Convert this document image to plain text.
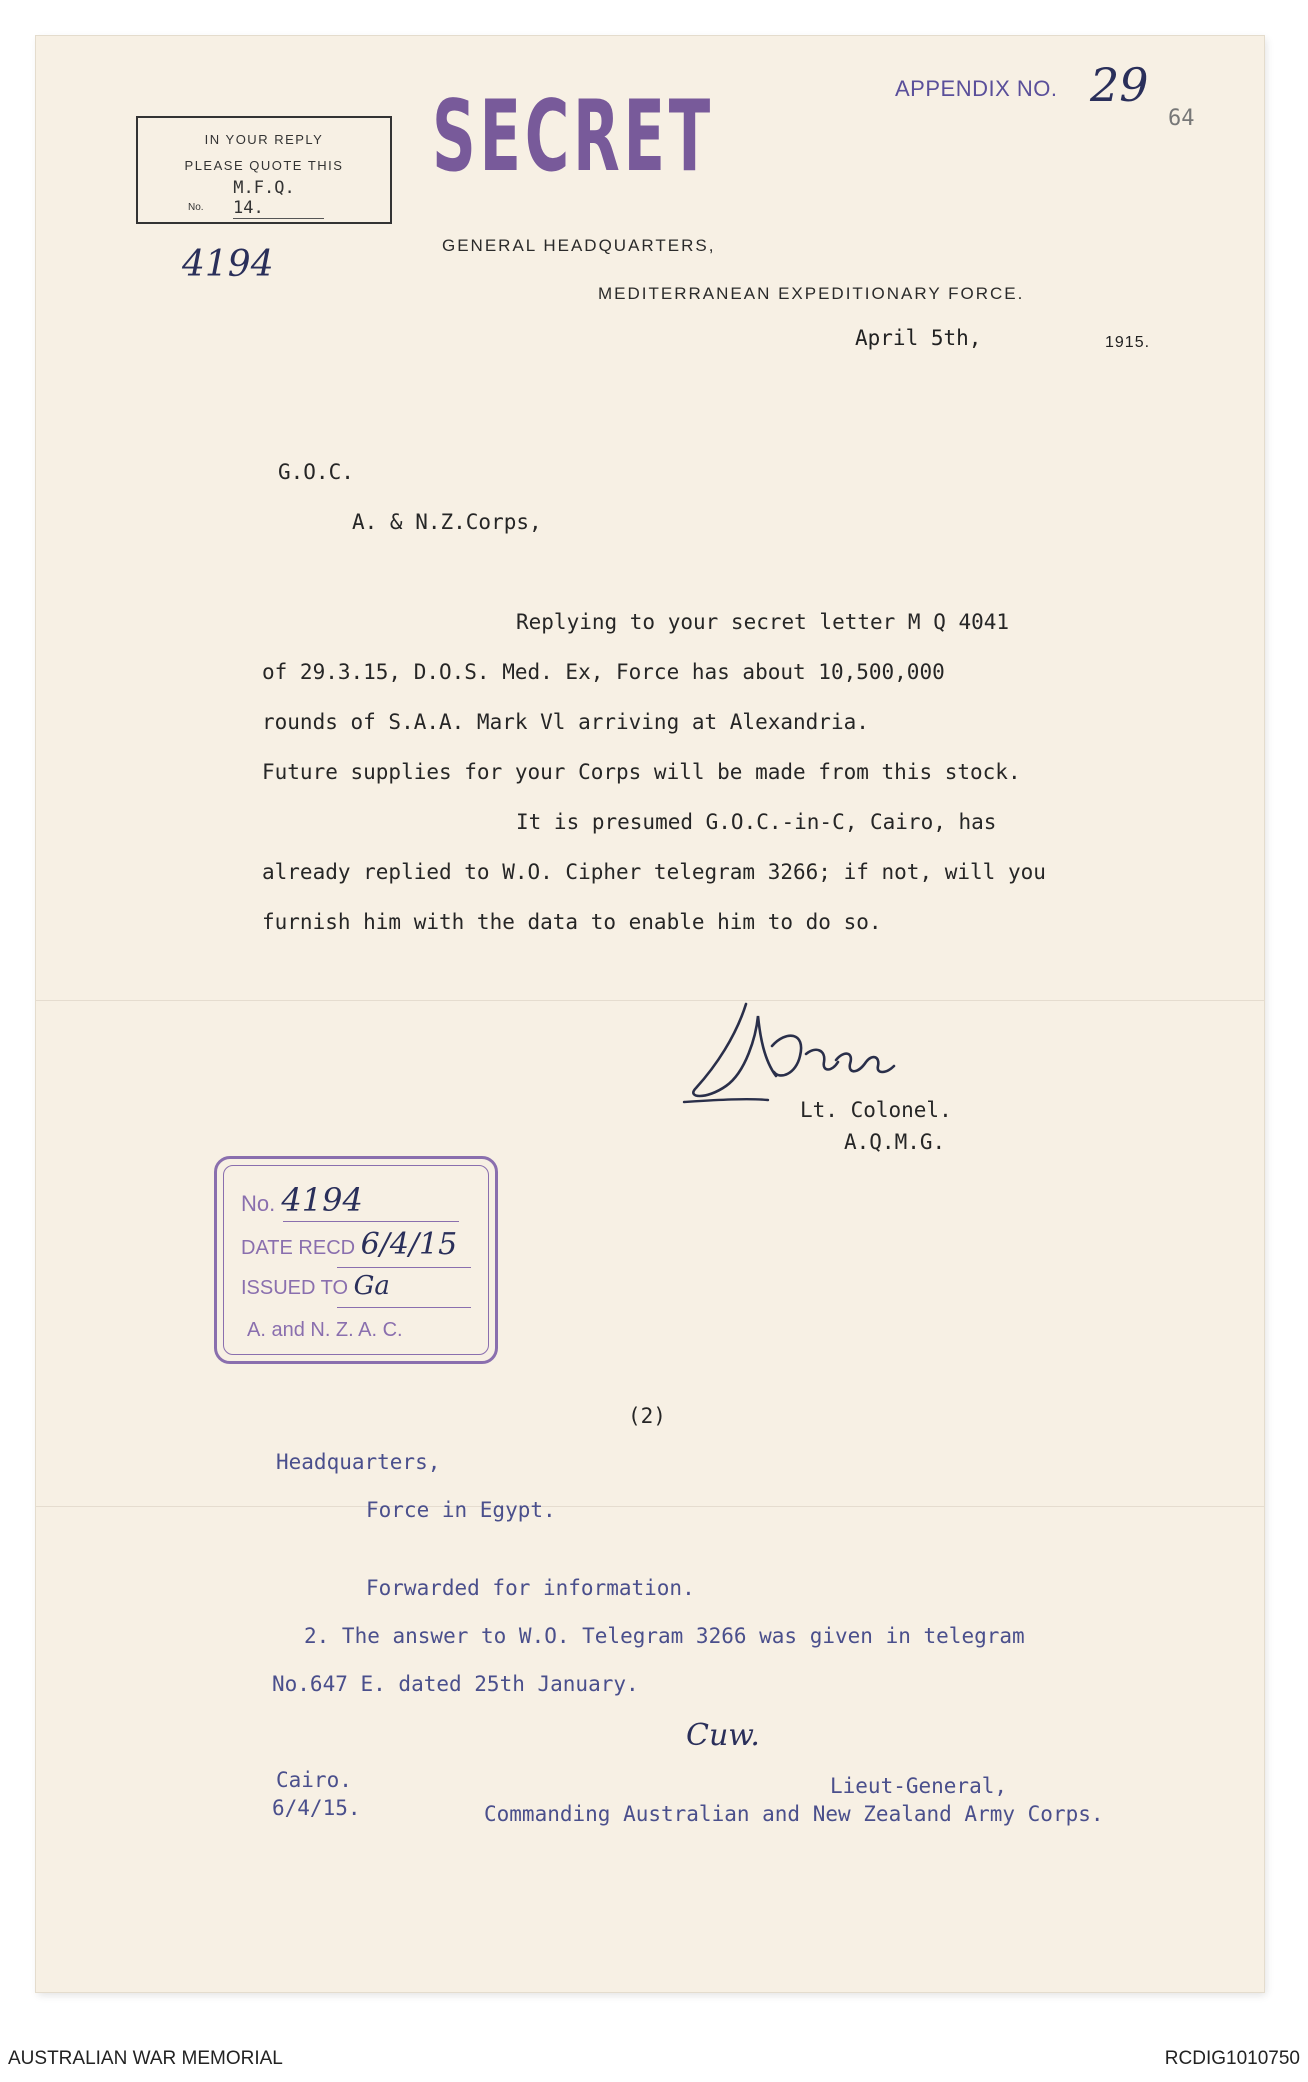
IN YOUR REPLY
PLEASE QUOTE THIS
M.F.Q.
No. 14.
SECRET	APPENDIX NO. 29
64
4194	GENERAL HEADQUARTERS,
MEDITERRANEAN EXPEDITIONARY FORCE.
April 5th,	1915.
G.O.C.
A. & N.Z.Corps,
Replying to your secret letter M Q 4041
of 29.3.15, D.O.S. Med. Ex, Force has about 10,500,000
rounds of S.A.A. Mark Vl arriving at Alexandria.
Future supplies for your Corps will be made from this stock.
It is presumed G.O.C.-in-C, Cairo, has
already replied to W.O. Cipher telegram 3266; if not, will you
furnish him with the data to enable him to do so.
Lt. Colonel.
A.Q.M.G.
No. 4194
DATE RECD 6/4/15
ISSUED TO Ga
A. and N. Z. A. C.
(2)
Headquarters,
Force in Egypt.
Forwarded for information.
2. The answer to W.O. Telegram 3266 was given in telegram
No.647 E. dated 25th January.
Cuw.
Cairo.
6/4/15.
Lieut-General,
Commanding Australian and New Zealand Army Corps.
AUSTRALIAN WAR MEMORIAL	RCDIG1010750
